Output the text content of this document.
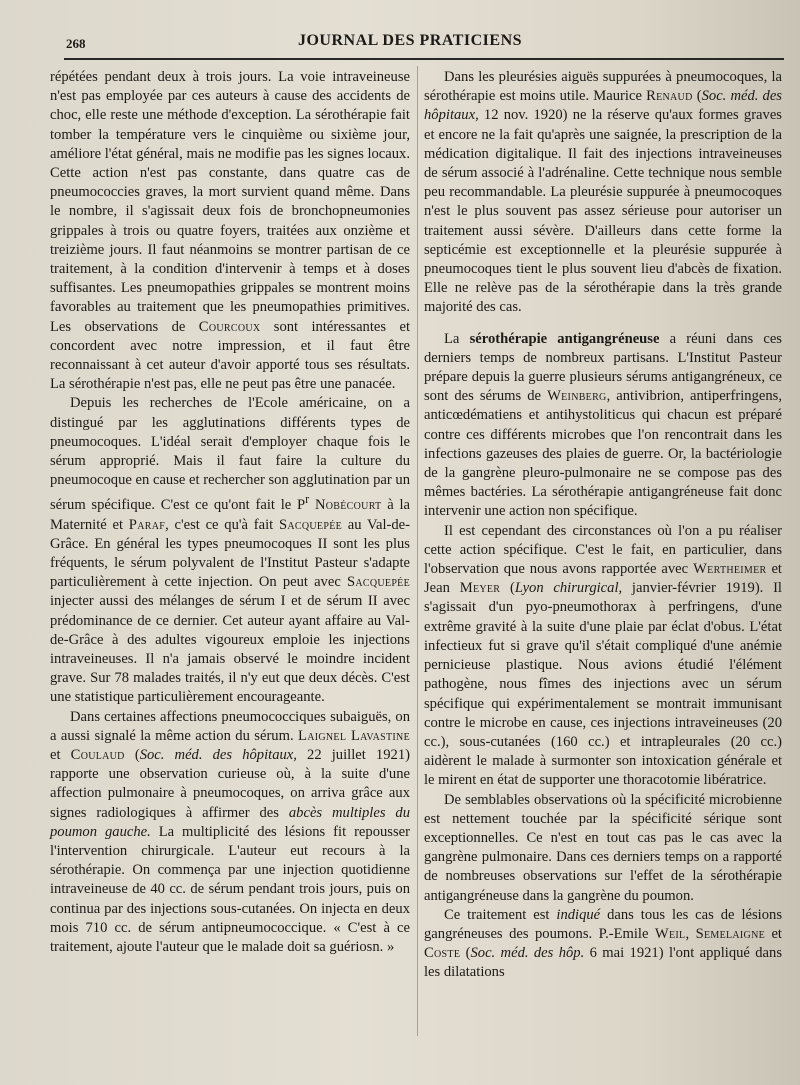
268	JOURNAL DES PRATICIENS

répétées pendant deux à trois jours. La voie intraveineuse n'est pas employée par ces auteurs à cause des accidents de choc, elle reste une méthode d'exception. La sérothérapie fait tomber la température vers le cinquième ou sixième jour, améliore l'état général, mais ne modifie pas les signes locaux. Cette action n'est pas constante, dans quatre cas de pneumococcies graves, la mort survient quand même. Dans le nombre, il s'agissait deux fois de bronchopneumonies grippales à trois ou quatre foyers, traitées aux onzième et treizième jours. Il faut néanmoins se montrer partisan de ce traitement, à la condition d'intervenir à temps et à doses suffisantes. Les pneumopathies grippales se montrent moins favorables au traitement que les pneumopathies primitives. Les observations de Courcoux sont intéressantes et concordent avec notre impression, et il faut être reconnaissant à cet auteur d'avoir apporté tous ses résultats. La sérothérapie n'est pas, elle ne peut pas être une panacée.

Depuis les recherches de l'Ecole américaine, on a distingué par les agglutinations différents types de pneumocoques. L'idéal serait d'employer chaque fois le sérum approprié. Mais il faut faire la culture du pneumocoque en cause et rechercher son agglutination par un sérum spécifique. C'est ce qu'ont fait le $P^r$ Nobécourt à la Maternité et Paraf, c'est ce qu'à fait Sacquepée au Val-de-Grâce. En général les types pneumocoques II sont les plus fréquents, le sérum polyvalent de l'Institut Pasteur s'adapte particulièrement à cette injection. On peut avec Sacquepée injecter aussi des mélanges de sérum I et de sérum II avec prédominance de ce dernier. Cet auteur ayant affaire au Val-de-Grâce à des adultes vigoureux emploie les injections intraveineuses. Il n'a jamais observé le moindre incident grave. Sur 78 malades traités, il n'y eut que deux décès. C'est une statistique particulièrement encourageante.

Dans certaines affections pneumococciques subaiguës, on a aussi signalé la même action du sérum. Laignel Lavastine et Coulaud (Soc. méd. des hôpitaux, 22 juillet 1921) rapporte une observation curieuse où, à la suite d'une affection pulmonaire à pneumocoques, on arriva grâce aux signes radiologiques à affirmer des abcès multiples du poumon gauche. La multiplicité des lésions fit repousser l'intervention chirurgicale. L'auteur eut recours à la sérothérapie. On commença par une injection quotidienne intraveineuse de 40 cc. de sérum pendant trois jours, puis on continua par des injections sous-cutanées. On injecta en deux mois 710 cc. de sérum antipneumococcique. « C'est à ce traitement, ajoute l'auteur que le malade doit sa guériosn. »

Dans les pleurésies aiguës suppurées à pneumocoques, la sérothérapie est moins utile. Maurice Renaud (Soc. méd. des hôpitaux, 12 nov. 1920) ne la réserve qu'aux formes graves et encore ne la fait qu'après une saignée, la prescription de la médication digitalique. Il fait des injections intraveineuses de sérum associé à l'adrénaline. Cette technique nous semble peu recommandable. La pleurésie suppurée à pneumocoques n'est le plus souvent pas assez sérieuse pour autoriser un traitement aussi sévère. D'ailleurs dans cette forme la septicémie est exceptionnelle et la pleurésie suppurée à pneumocoques tient le plus souvent lieu d'abcès de fixation. Elle ne relève pas de la sérothérapie dans la très grande majorité des cas.

La sérothérapie antigangréneuse a réuni dans ces derniers temps de nombreux partisans. L'Institut Pasteur prépare depuis la guerre plusieurs sérums antigangréneux, ce sont des sérums de Weinberg, antivibrion, antiperfringens, anticœdématiens et antihystoliticus qui chacun est préparé contre ces différents microbes que l'on rencontrait dans les infections gazeuses des plaies de guerre. Or, la bactériologie de la gangrène pleuro-pulmonaire ne se compose pas des mêmes bactéries. La sérothérapie antigangréneuse fait donc intervenir une action non spécifique.

Il est cependant des circonstances où l'on a pu réaliser cette action spécifique. C'est le fait, en particulier, dans l'observation que nous avons rapportée avec Wertheimer et Jean Meyer (Lyon chirurgical, janvier-février 1919). Il s'agissait d'un pyo-pneumothorax à perfringens, d'une extrême gravité à la suite d'une plaie par éclat d'obus. L'état infectieux fut si grave qu'il s'était compliqué d'une anémie pernicieuse plastique. Nous avions étudié l'élément pathogène, nous fîmes des injections avec un sérum spécifique qui expérimentalement se montrait immunisant contre le microbe en cause, ces injections intraveineuses (20 cc.), sous-cutanées (160 cc.) et intrapleurales (20 cc.) aidèrent le malade à surmonter son intoxication générale et le mirent en état de supporter une thoracotomie libératrice.

De semblables observations où la spécificité microbienne est nettement touchée par la spécificité sérique sont exceptionnelles. Ce n'est en tout cas pas le cas avec la gangrène pulmonaire. Dans ces derniers temps on a rapporté de nombreuses observations sur l'effet de la sérothérapie antigangréneuse dans la gangrène du poumon.

Ce traitement est indiqué dans tous les cas de lésions gangréneuses des poumons. P.-Emile Weil, Semelaigne et Coste (Soc. méd. des hôp. 6 mai 1921) l'ont appliqué dans les dilatations
